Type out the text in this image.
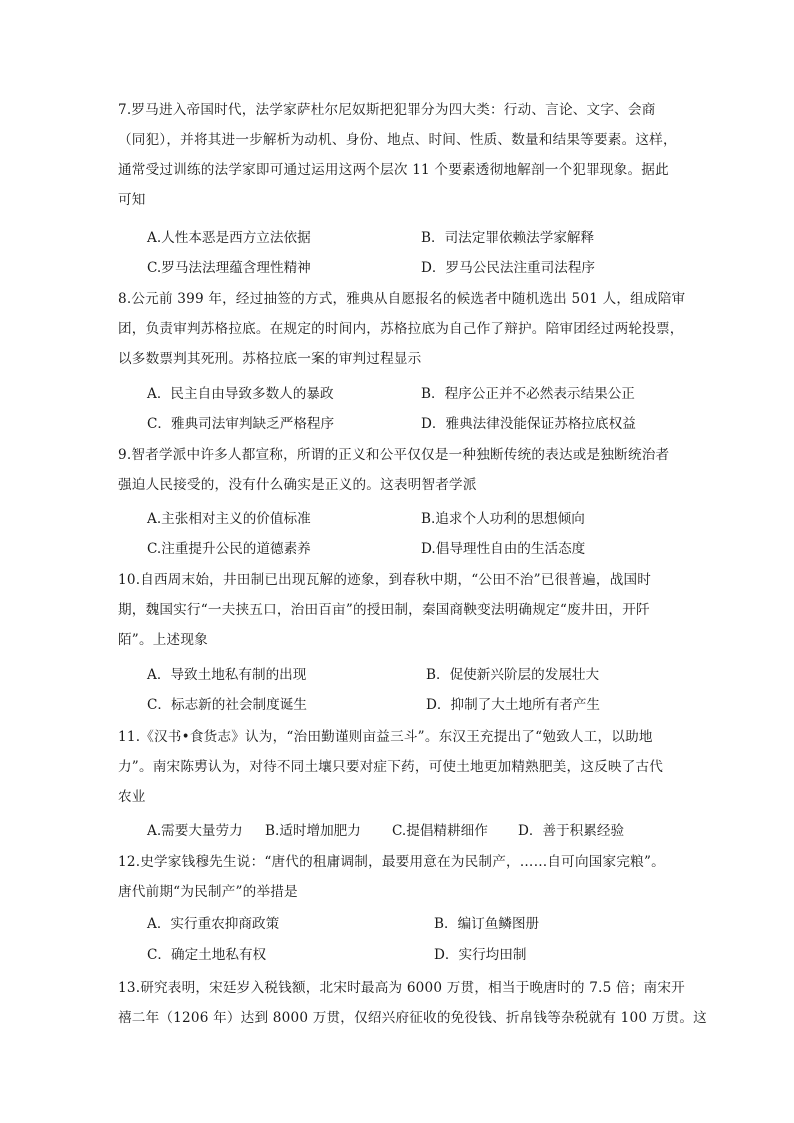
7.罗马进入帝国时代，法学家萨杜尔尼奴斯把犯罪分为四大类：行动、言论、文字、会商
（同犯），并将其进一步解析为动机、身份、地点、时间、性质、数量和结果等要素。这样，
通常受过训练的法学家即可通过运用这两个层次 11 个要素透彻地解剖一个犯罪现象。据此
可知
A.人性本恶是西方立法依据	B．司法定罪依赖法学家解释
C.罗马法法理蕴含理性精神	D．罗马公民法注重司法程序
8.公元前 399 年，经过抽签的方式，雅典从自愿报名的候选者中随机选出 501 人，组成陪审
团，负责审判苏格拉底。在规定的时间内，苏格拉底为自己作了辩护。陪审团经过两轮投票，
以多数票判其死刑。苏格拉底一案的审判过程显示
A．民主自由导致多数人的暴政	B．程序公正并不必然表示结果公正
C．雅典司法审判缺乏严格程序	D．雅典法律没能保证苏格拉底权益
9.智者学派中许多人都宣称，所谓的正义和公平仅仅是一种独断传统的表达或是独断统治者
强迫人民接受的，没有什么确实是正义的。这表明智者学派
A.主张相对主义的价值标准	B.追求个人功利的思想倾向
C.注重提升公民的道德素养	D.倡导理性自由的生活态度
10.自西周末始，井田制已出现瓦解的迹象，到春秋中期，“公田不治”已很普遍，战国时
期，魏国实行“一夫挟五口，治田百亩”的授田制，秦国商鞅变法明确规定“废井田，开阡
陌”。上述现象
A．导致土地私有制的出现	B．促使新兴阶层的发展壮大
C．标志新的社会制度诞生	D．抑制了大土地所有者产生
11.《汉书•食货志》认为，“治田勤谨则亩益三斗”。东汉王充提出了“勉致人工，以助地
力”。南宋陈旉认为，对待不同土壤只要对症下药，可使土地更加精熟肥美，这反映了古代
农业
A.需要大量劳力 B.适时增加肥力 C.提倡精耕细作 D．善于积累经验
12.史学家钱穆先生说：“唐代的租庸调制，最要用意在为民制产，……自可向国家完粮”。
唐代前期“为民制产”的举措是
A．实行重农抑商政策	B．编订鱼鳞图册
C．确定土地私有权	D．实行均田制
13.研究表明，宋廷岁入税钱额，北宋时最高为 6000 万贯，相当于晚唐时的 7.5 倍；南宋开
禧二年（1206 年）达到 8000 万贯，仅绍兴府征收的免役钱、折帛钱等杂税就有 100 万贯。这
